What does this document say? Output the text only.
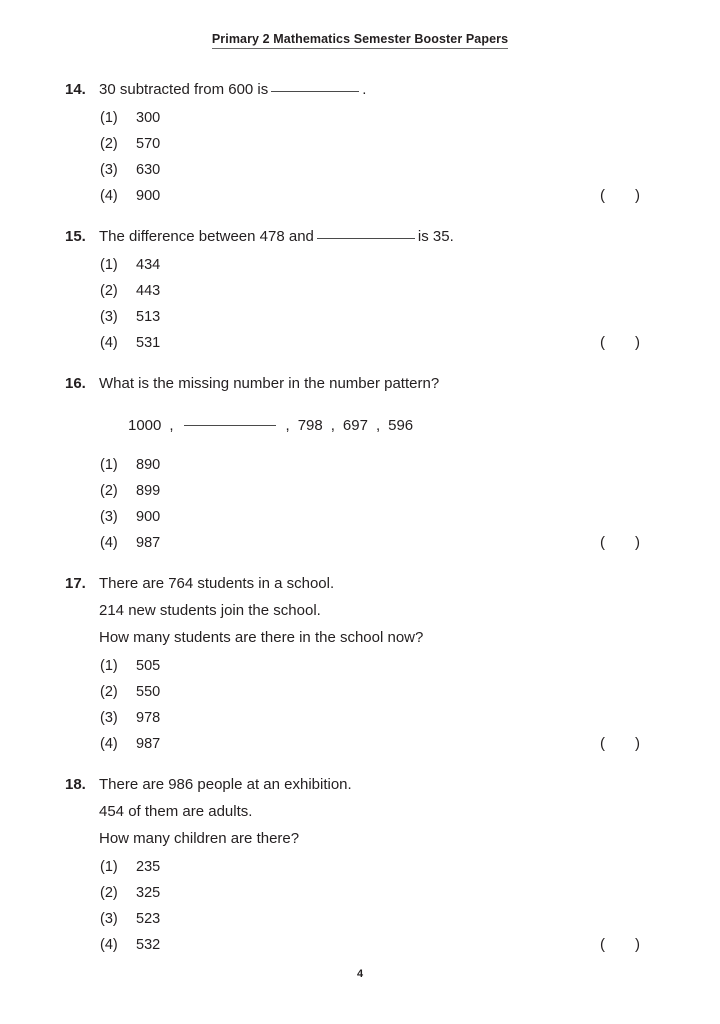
Primary 2 Mathematics Semester Booster Papers
14. 30 subtracted from 600 is	.
(1) 300
(2) 570
(3) 630
(4) 900	( )
15. The difference between 478 and	is 35.
(1) 434
(2) 443
(3) 513
(4) 531	( )
16. What is the missing number in the number pattern?
1000 ,	, 798 , 697 , 596
(1) 890
(2) 899
(3) 900
(4) 987	( )
17. There are 764 students in a school.
214 new students join the school.
How many students are there in the school now?
(1) 505
(2) 550
(3) 978
(4) 987	( )
18. There are 986 people at an exhibition.
454 of them are adults.
How many children are there?
(1) 235
(2) 325
(3) 523
(4) 532	( )
4
